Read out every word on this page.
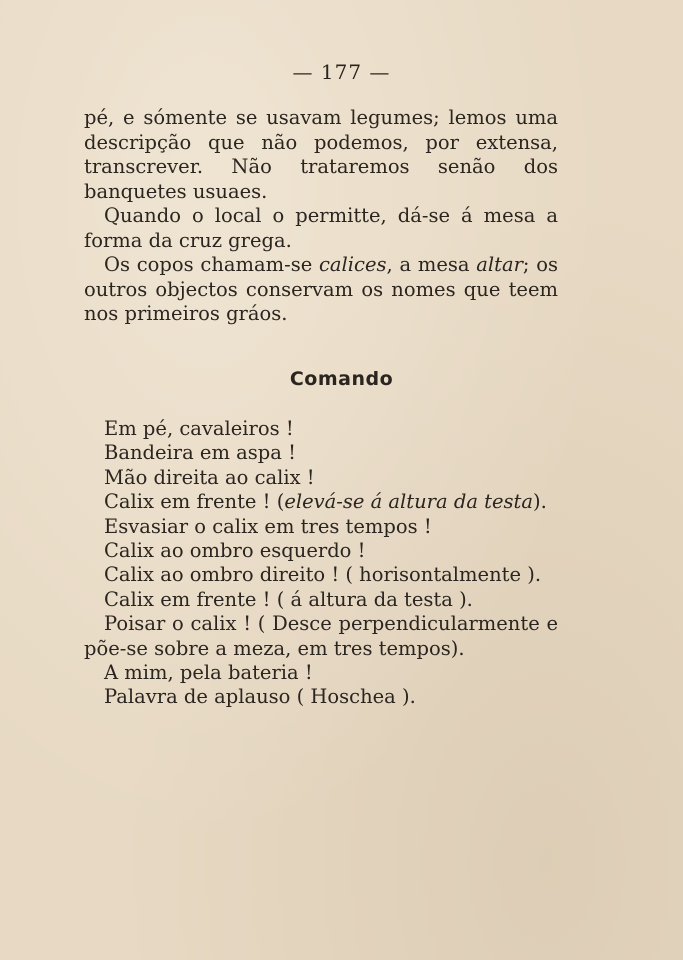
— 177 —

pé, e sómente se usavam legumes; lemos uma descripção que não podemos, por extensa, transcrever. Não trataremos senão dos banquetes usuaes.

Quando o local o permitte, dá-se á mesa a forma da cruz grega.

Os copos chamam-se calices, a mesa altar; os outros objectos conservam os nomes que teem nos primeiros gráos.

Comando
Em pé, cavaleiros !
Bandeira em aspa !
Mão direita ao calix !
Calix em frente ! (elevá-se á altura da testa).
Esvasiar o calix em tres tempos !
Calix ao ombro esquerdo !
Calix ao ombro direito ! ( horisontalmente ).
Calix em frente ! ( á altura da testa ).
Poisar o calix ! ( Desce perpendicularmente e põe-se sobre a meza, em tres tempos).
A mim, pela bateria !
Palavra de aplauso ( Hoschea ).
